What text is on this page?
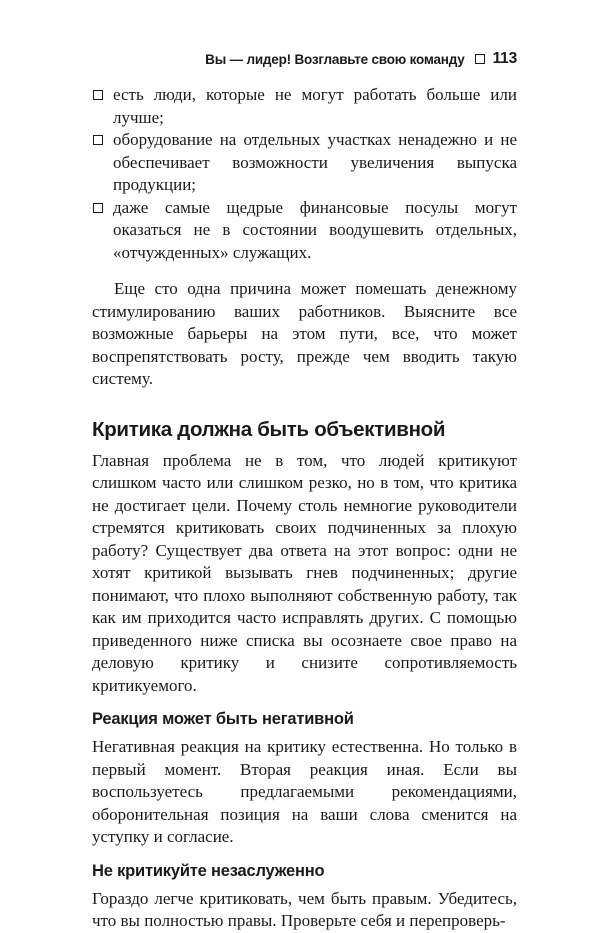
Вы — лидер! Возглавьте свою команду 113
есть люди, которые не могут работать больше или лучше;
оборудование на отдельных участках ненадежно и не обеспечивает возможности увеличения выпуска продукции;
даже самые щедрые финансовые посулы могут оказаться не в состоянии воодушевить отдельных, «отчужденных» служащих.

Еще сто одна причина может помешать денежному стимулированию ваших работников. Выясните все возможные барьеры на этом пути, все, что может воспрепятствовать росту, прежде чем вводить такую систему.

Критика должна быть объективной

Главная проблема не в том, что людей критикуют слишком часто или слишком резко, но в том, что критика не достигает цели. Почему столь немногие руководители стремятся критиковать своих подчиненных за плохую работу? Существует два ответа на этот вопрос: одни не хотят критикой вызывать гнев подчиненных; другие понимают, что плохо выполняют собственную работу, так как им приходится часто исправлять других. С помощью приведенного ниже списка вы осознаете свое право на деловую критику и снизите сопротивляемость критикуемого.

Реакция может быть негативной

Негативная реакция на критику естественна. Но только в первый момент. Вторая реакция иная. Если вы воспользуетесь предлагаемыми рекомендациями, оборонительная позиция на ваши слова сменится на уступку и согласие.

Не критикуйте незаслуженно

Гораздо легче критиковать, чем быть правым. Убедитесь, что вы полностью правы. Проверьте себя и перепроверь-
